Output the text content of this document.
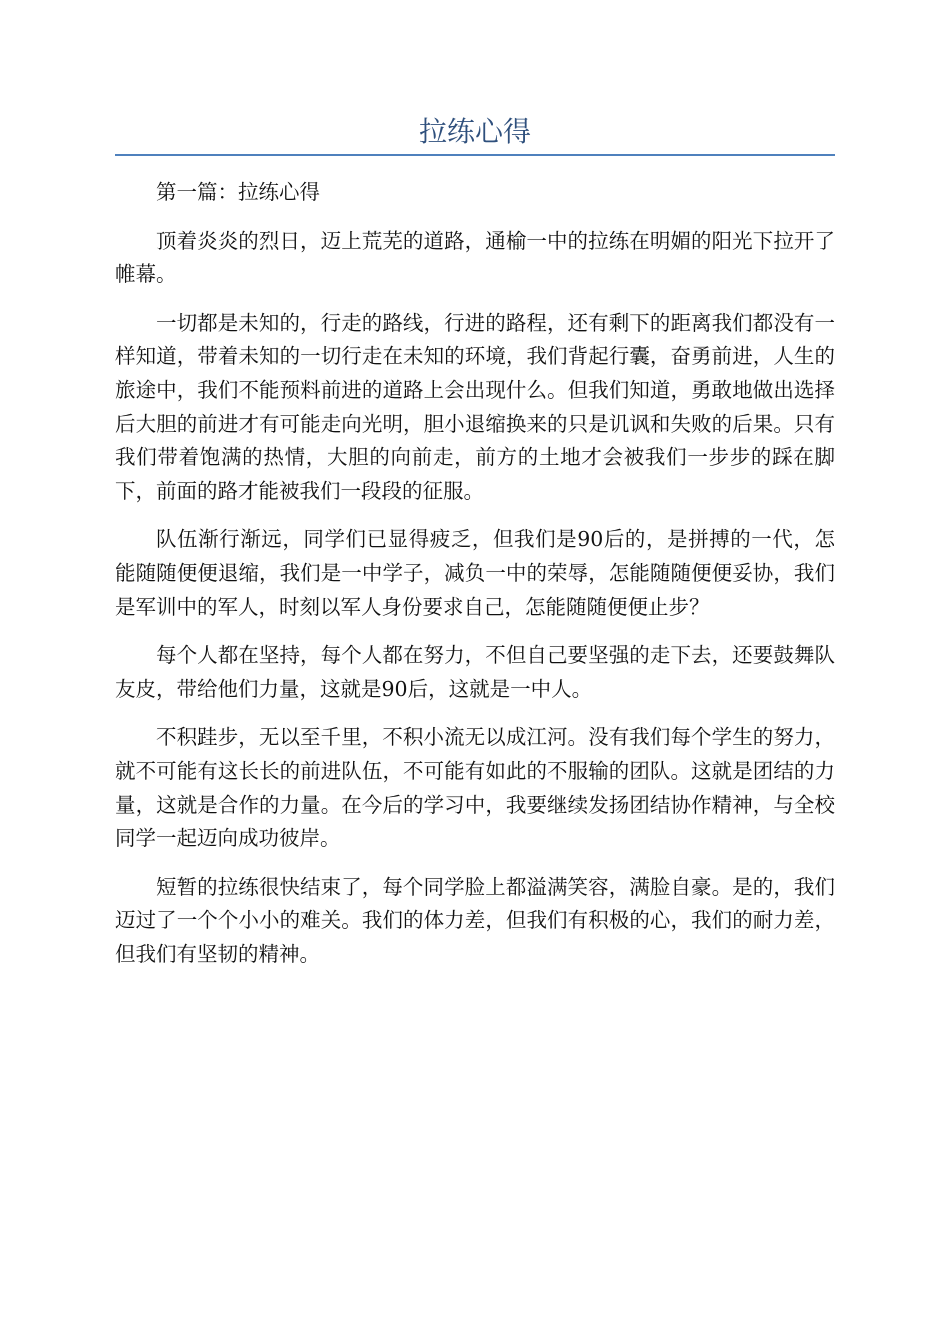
拉练心得

第一篇：拉练心得

顶着炎炎的烈日，迈上荒芜的道路，通榆一中的拉练在明媚的阳光下拉开了帷幕。

一切都是未知的，行走的路线，行进的路程，还有剩下的距离我们都没有一样知道，带着未知的一切行走在未知的环境，我们背起行囊，奋勇前进，人生的旅途中，我们不能预料前进的道路上会出现什么。但我们知道，勇敢地做出选择后大胆的前进才有可能走向光明，胆小退缩换来的只是讥讽和失败的后果。只有我们带着饱满的热情，大胆的向前走，前方的土地才会被我们一步步的踩在脚下，前面的路才能被我们一段段的征服。

队伍渐行渐远，同学们已显得疲乏，但我们是90后的，是拼搏的一代，怎能随随便便退缩，我们是一中学子，减负一中的荣辱，怎能随随便便妥协，我们是军训中的军人，时刻以军人身份要求自己，怎能随随便便止步？

每个人都在坚持，每个人都在努力，不但自己要坚强的走下去，还要鼓舞队友皮，带给他们力量，这就是90后，这就是一中人。

不积跬步，无以至千里，不积小流无以成江河。没有我们每个学生的努力，就不可能有这长长的前进队伍，不可能有如此的不服输的团队。这就是团结的力量，这就是合作的力量。在今后的学习中，我要继续发扬团结协作精神，与全校同学一起迈向成功彼岸。

短暂的拉练很快结束了，每个同学脸上都溢满笑容，满脸自豪。是的，我们迈过了一个个小小的难关。我们的体力差，但我们有积极的心，我们的耐力差，但我们有坚韧的精神。
